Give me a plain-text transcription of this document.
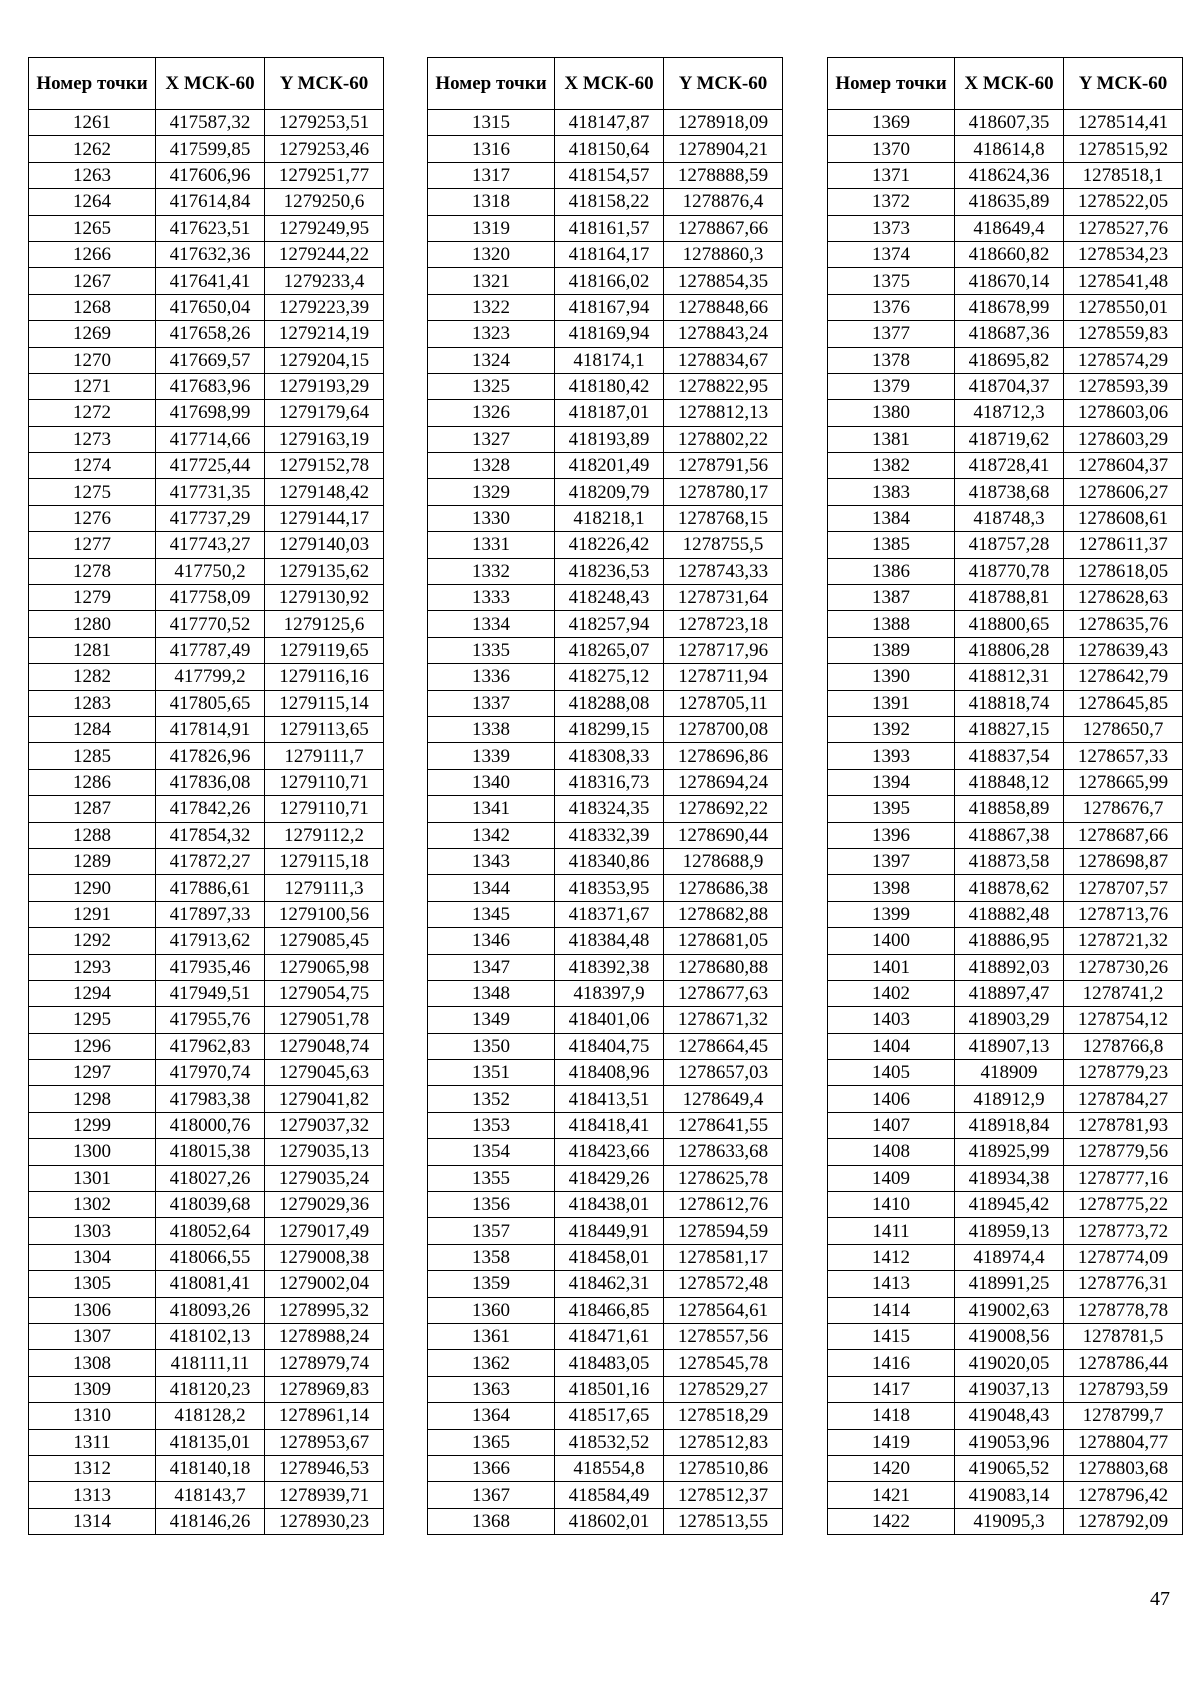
Номер точки	X МСК-60	Y МСК-60
1261	417587,32	1279253,51
1262	417599,85	1279253,46
1263	417606,96	1279251,77
1264	417614,84	1279250,6
1265	417623,51	1279249,95
1266	417632,36	1279244,22
1267	417641,41	1279233,4
1268	417650,04	1279223,39
1269	417658,26	1279214,19
1270	417669,57	1279204,15
1271	417683,96	1279193,29
1272	417698,99	1279179,64
1273	417714,66	1279163,19
1274	417725,44	1279152,78
1275	417731,35	1279148,42
1276	417737,29	1279144,17
1277	417743,27	1279140,03
1278	417750,2	1279135,62
1279	417758,09	1279130,92
1280	417770,52	1279125,6
1281	417787,49	1279119,65
1282	417799,2	1279116,16
1283	417805,65	1279115,14
1284	417814,91	1279113,65
1285	417826,96	1279111,7
1286	417836,08	1279110,71
1287	417842,26	1279110,71
1288	417854,32	1279112,2
1289	417872,27	1279115,18
1290	417886,61	1279111,3
1291	417897,33	1279100,56
1292	417913,62	1279085,45
1293	417935,46	1279065,98
1294	417949,51	1279054,75
1295	417955,76	1279051,78
1296	417962,83	1279048,74
1297	417970,74	1279045,63
1298	417983,38	1279041,82
1299	418000,76	1279037,32
1300	418015,38	1279035,13
1301	418027,26	1279035,24
1302	418039,68	1279029,36
1303	418052,64	1279017,49
1304	418066,55	1279008,38
1305	418081,41	1279002,04
1306	418093,26	1278995,32
1307	418102,13	1278988,24
1308	418111,11	1278979,74
1309	418120,23	1278969,83
1310	418128,2	1278961,14
1311	418135,01	1278953,67
1312	418140,18	1278946,53
1313	418143,7	1278939,71
1314	418146,26	1278930,23
Номер точки	X МСК-60	Y МСК-60
1315	418147,87	1278918,09
1316	418150,64	1278904,21
1317	418154,57	1278888,59
1318	418158,22	1278876,4
1319	418161,57	1278867,66
1320	418164,17	1278860,3
1321	418166,02	1278854,35
1322	418167,94	1278848,66
1323	418169,94	1278843,24
1324	418174,1	1278834,67
1325	418180,42	1278822,95
1326	418187,01	1278812,13
1327	418193,89	1278802,22
1328	418201,49	1278791,56
1329	418209,79	1278780,17
1330	418218,1	1278768,15
1331	418226,42	1278755,5
1332	418236,53	1278743,33
1333	418248,43	1278731,64
1334	418257,94	1278723,18
1335	418265,07	1278717,96
1336	418275,12	1278711,94
1337	418288,08	1278705,11
1338	418299,15	1278700,08
1339	418308,33	1278696,86
1340	418316,73	1278694,24
1341	418324,35	1278692,22
1342	418332,39	1278690,44
1343	418340,86	1278688,9
1344	418353,95	1278686,38
1345	418371,67	1278682,88
1346	418384,48	1278681,05
1347	418392,38	1278680,88
1348	418397,9	1278677,63
1349	418401,06	1278671,32
1350	418404,75	1278664,45
1351	418408,96	1278657,03
1352	418413,51	1278649,4
1353	418418,41	1278641,55
1354	418423,66	1278633,68
1355	418429,26	1278625,78
1356	418438,01	1278612,76
1357	418449,91	1278594,59
1358	418458,01	1278581,17
1359	418462,31	1278572,48
1360	418466,85	1278564,61
1361	418471,61	1278557,56
1362	418483,05	1278545,78
1363	418501,16	1278529,27
1364	418517,65	1278518,29
1365	418532,52	1278512,83
1366	418554,8	1278510,86
1367	418584,49	1278512,37
1368	418602,01	1278513,55
Номер точки	X МСК-60	Y МСК-60
1369	418607,35	1278514,41
1370	418614,8	1278515,92
1371	418624,36	1278518,1
1372	418635,89	1278522,05
1373	418649,4	1278527,76
1374	418660,82	1278534,23
1375	418670,14	1278541,48
1376	418678,99	1278550,01
1377	418687,36	1278559,83
1378	418695,82	1278574,29
1379	418704,37	1278593,39
1380	418712,3	1278603,06
1381	418719,62	1278603,29
1382	418728,41	1278604,37
1383	418738,68	1278606,27
1384	418748,3	1278608,61
1385	418757,28	1278611,37
1386	418770,78	1278618,05
1387	418788,81	1278628,63
1388	418800,65	1278635,76
1389	418806,28	1278639,43
1390	418812,31	1278642,79
1391	418818,74	1278645,85
1392	418827,15	1278650,7
1393	418837,54	1278657,33
1394	418848,12	1278665,99
1395	418858,89	1278676,7
1396	418867,38	1278687,66
1397	418873,58	1278698,87
1398	418878,62	1278707,57
1399	418882,48	1278713,76
1400	418886,95	1278721,32
1401	418892,03	1278730,26
1402	418897,47	1278741,2
1403	418903,29	1278754,12
1404	418907,13	1278766,8
1405	418909	1278779,23
1406	418912,9	1278784,27
1407	418918,84	1278781,93
1408	418925,99	1278779,56
1409	418934,38	1278777,16
1410	418945,42	1278775,22
1411	418959,13	1278773,72
1412	418974,4	1278774,09
1413	418991,25	1278776,31
1414	419002,63	1278778,78
1415	419008,56	1278781,5
1416	419020,05	1278786,44
1417	419037,13	1278793,59
1418	419048,43	1278799,7
1419	419053,96	1278804,77
1420	419065,52	1278803,68
1421	419083,14	1278796,42
1422	419095,3	1278792,09
47
